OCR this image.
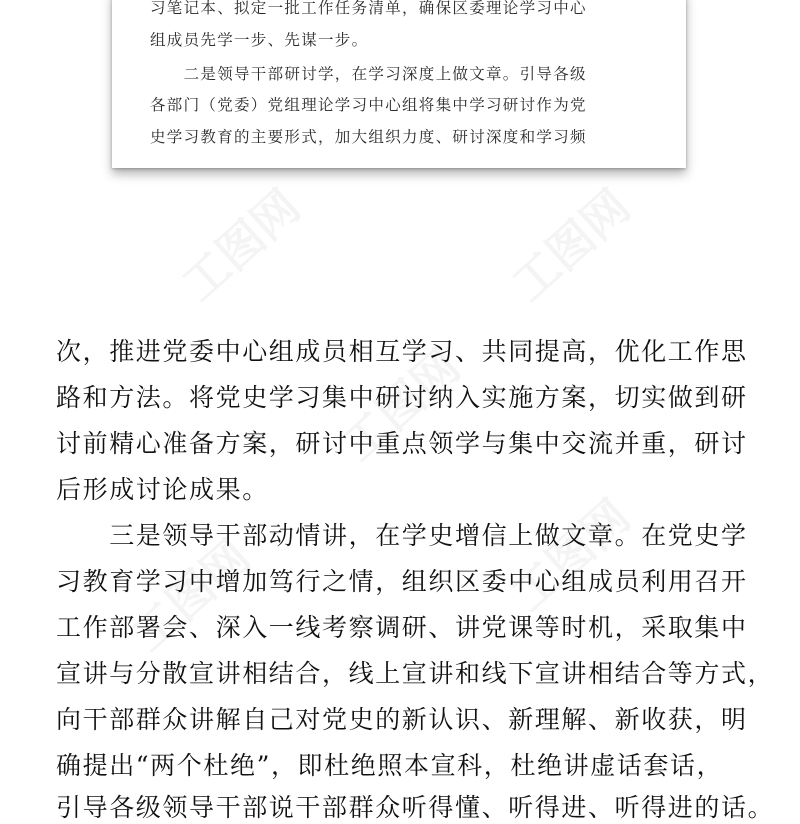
习笔记本、拟定一批工作任务清单，确保区委理论学习中心
组成员先学一步、先谋一步。
　　二是领导干部研讨学，在学习深度上做文章。引导各级
各部门（党委）党组理论学习中心组将集中学习研讨作为党
史学习教育的主要形式，加大组织力度、研讨深度和学习频
工图网	工图网
工图网
工图网	工图网
次，推进党委中心组成员相互学习、共同提高，优化工作思
路和方法。将党史学习集中研讨纳入实施方案，切实做到研
讨前精心准备方案，研讨中重点领学与集中交流并重，研讨
后形成讨论成果。
　　三是领导干部动情讲，在学史增信上做文章。在党史学
习教育学习中增加笃行之情，组织区委中心组成员利用召开
工作部署会、深入一线考察调研、讲党课等时机，采取集中
宣讲与分散宣讲相结合，线上宣讲和线下宣讲相结合等方式，
向干部群众讲解自己对党史的新认识、新理解、新收获，明
确提出“两个杜绝”，即杜绝照本宣科，杜绝讲虚话套话，
引导各级领导干部说干部群众听得懂、听得进、听得进的话。
